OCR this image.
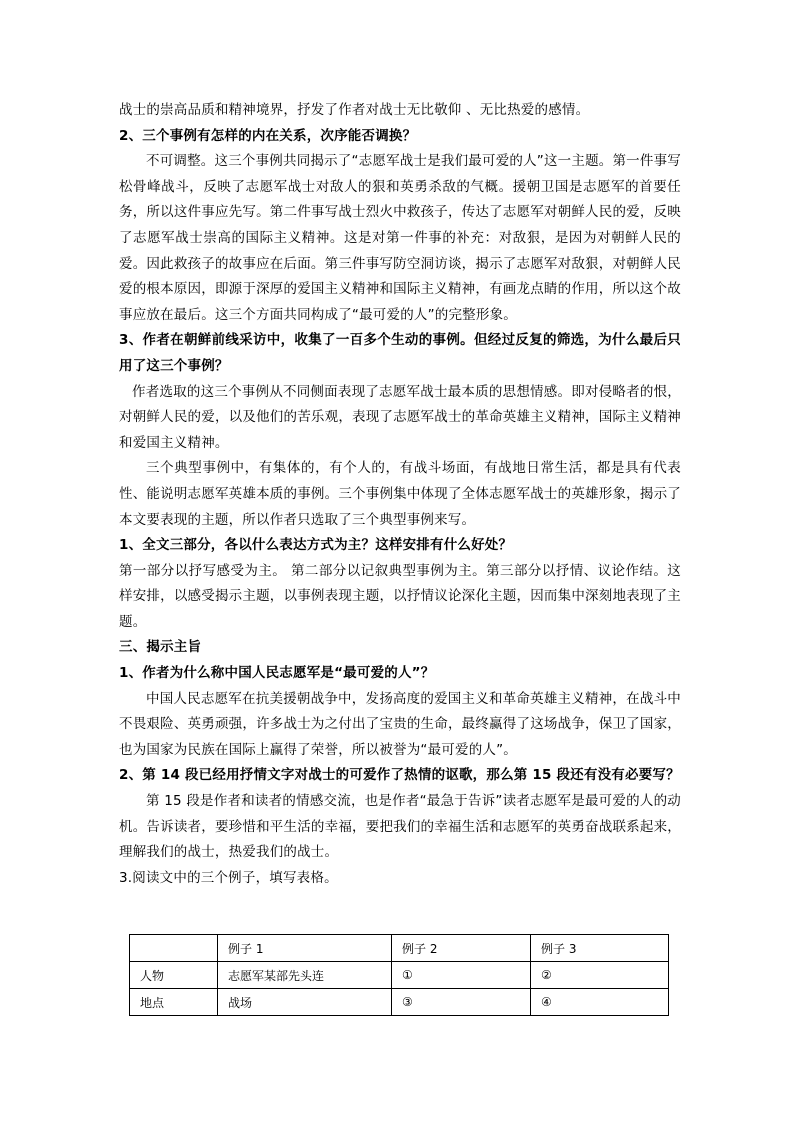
战士的崇高品质和精神境界，抒发了作者对战士无比敬仰 、无比热爱的感情。

2、三个事例有怎样的内在关系，次序能否调换？

不可调整。这三个事例共同揭示了“志愿军战士是我们最可爱的人”这一主题。第一件事写松骨峰战斗，反映了志愿军战士对敌人的狠和英勇杀敌的气概。援朝卫国是志愿军的首要任务，所以这件事应先写。第二件事写战士烈火中救孩子，传达了志愿军对朝鲜人民的爱，反映了志愿军战士崇高的国际主义精神。这是对第一件事的补充：对敌狠，是因为对朝鲜人民的爱。因此救孩子的故事应在后面。第三件事写防空洞访谈，揭示了志愿军对敌狠，对朝鲜人民爱的根本原因，即源于深厚的爱国主义精神和国际主义精神，有画龙点睛的作用，所以这个故事应放在最后。这三个方面共同构成了“最可爱的人”的完整形象。

3、作者在朝鲜前线采访中，收集了一百多个生动的事例。但经过反复的筛选，为什么最后只用了这三个事例？

作者选取的这三个事例从不同侧面表现了志愿军战士最本质的思想情感。即对侵略者的恨，对朝鲜人民的爱，以及他们的苦乐观，表现了志愿军战士的革命英雄主义精神，国际主义精神和爱国主义精神。

三个典型事例中，有集体的，有个人的，有战斗场面，有战地日常生活，都是具有代表性、能说明志愿军英雄本质的事例。三个事例集中体现了全体志愿军战士的英雄形象，揭示了本文要表现的主题，所以作者只选取了三个典型事例来写。

1、全文三部分，各以什么表达方式为主？这样安排有什么好处？

第一部分以抒写感受为主。 第二部分以记叙典型事例为主。第三部分以抒情、议论作结。这样安排，以感受揭示主题，以事例表现主题，以抒情议论深化主题，因而集中深刻地表现了主题。

三、揭示主旨

1、作者为什么称中国人民志愿军是“最可爱的人”？

中国人民志愿军在抗美援朝战争中，发扬高度的爱国主义和革命英雄主义精神，在战斗中不畏艰险、英勇顽强，许多战士为之付出了宝贵的生命，最终赢得了这场战争，保卫了国家，也为国家为民族在国际上赢得了荣誉，所以被誉为“最可爱的人”。

2、第 14 段已经用抒情文字对战士的可爱作了热情的讴歌，那么第 15 段还有没有必要写？

第 15 段是作者和读者的情感交流，也是作者“最急于告诉”读者志愿军是最可爱的人的动机。告诉读者，要珍惜和平生活的幸福，要把我们的幸福生活和志愿军的英勇奋战联系起来，理解我们的战士，热爱我们的战士。

3.阅读文中的三个例子，填写表格。

	例子 1	例子 2	例子 3
人物	志愿军某部先头连	①	②
地点	战场	③	④
